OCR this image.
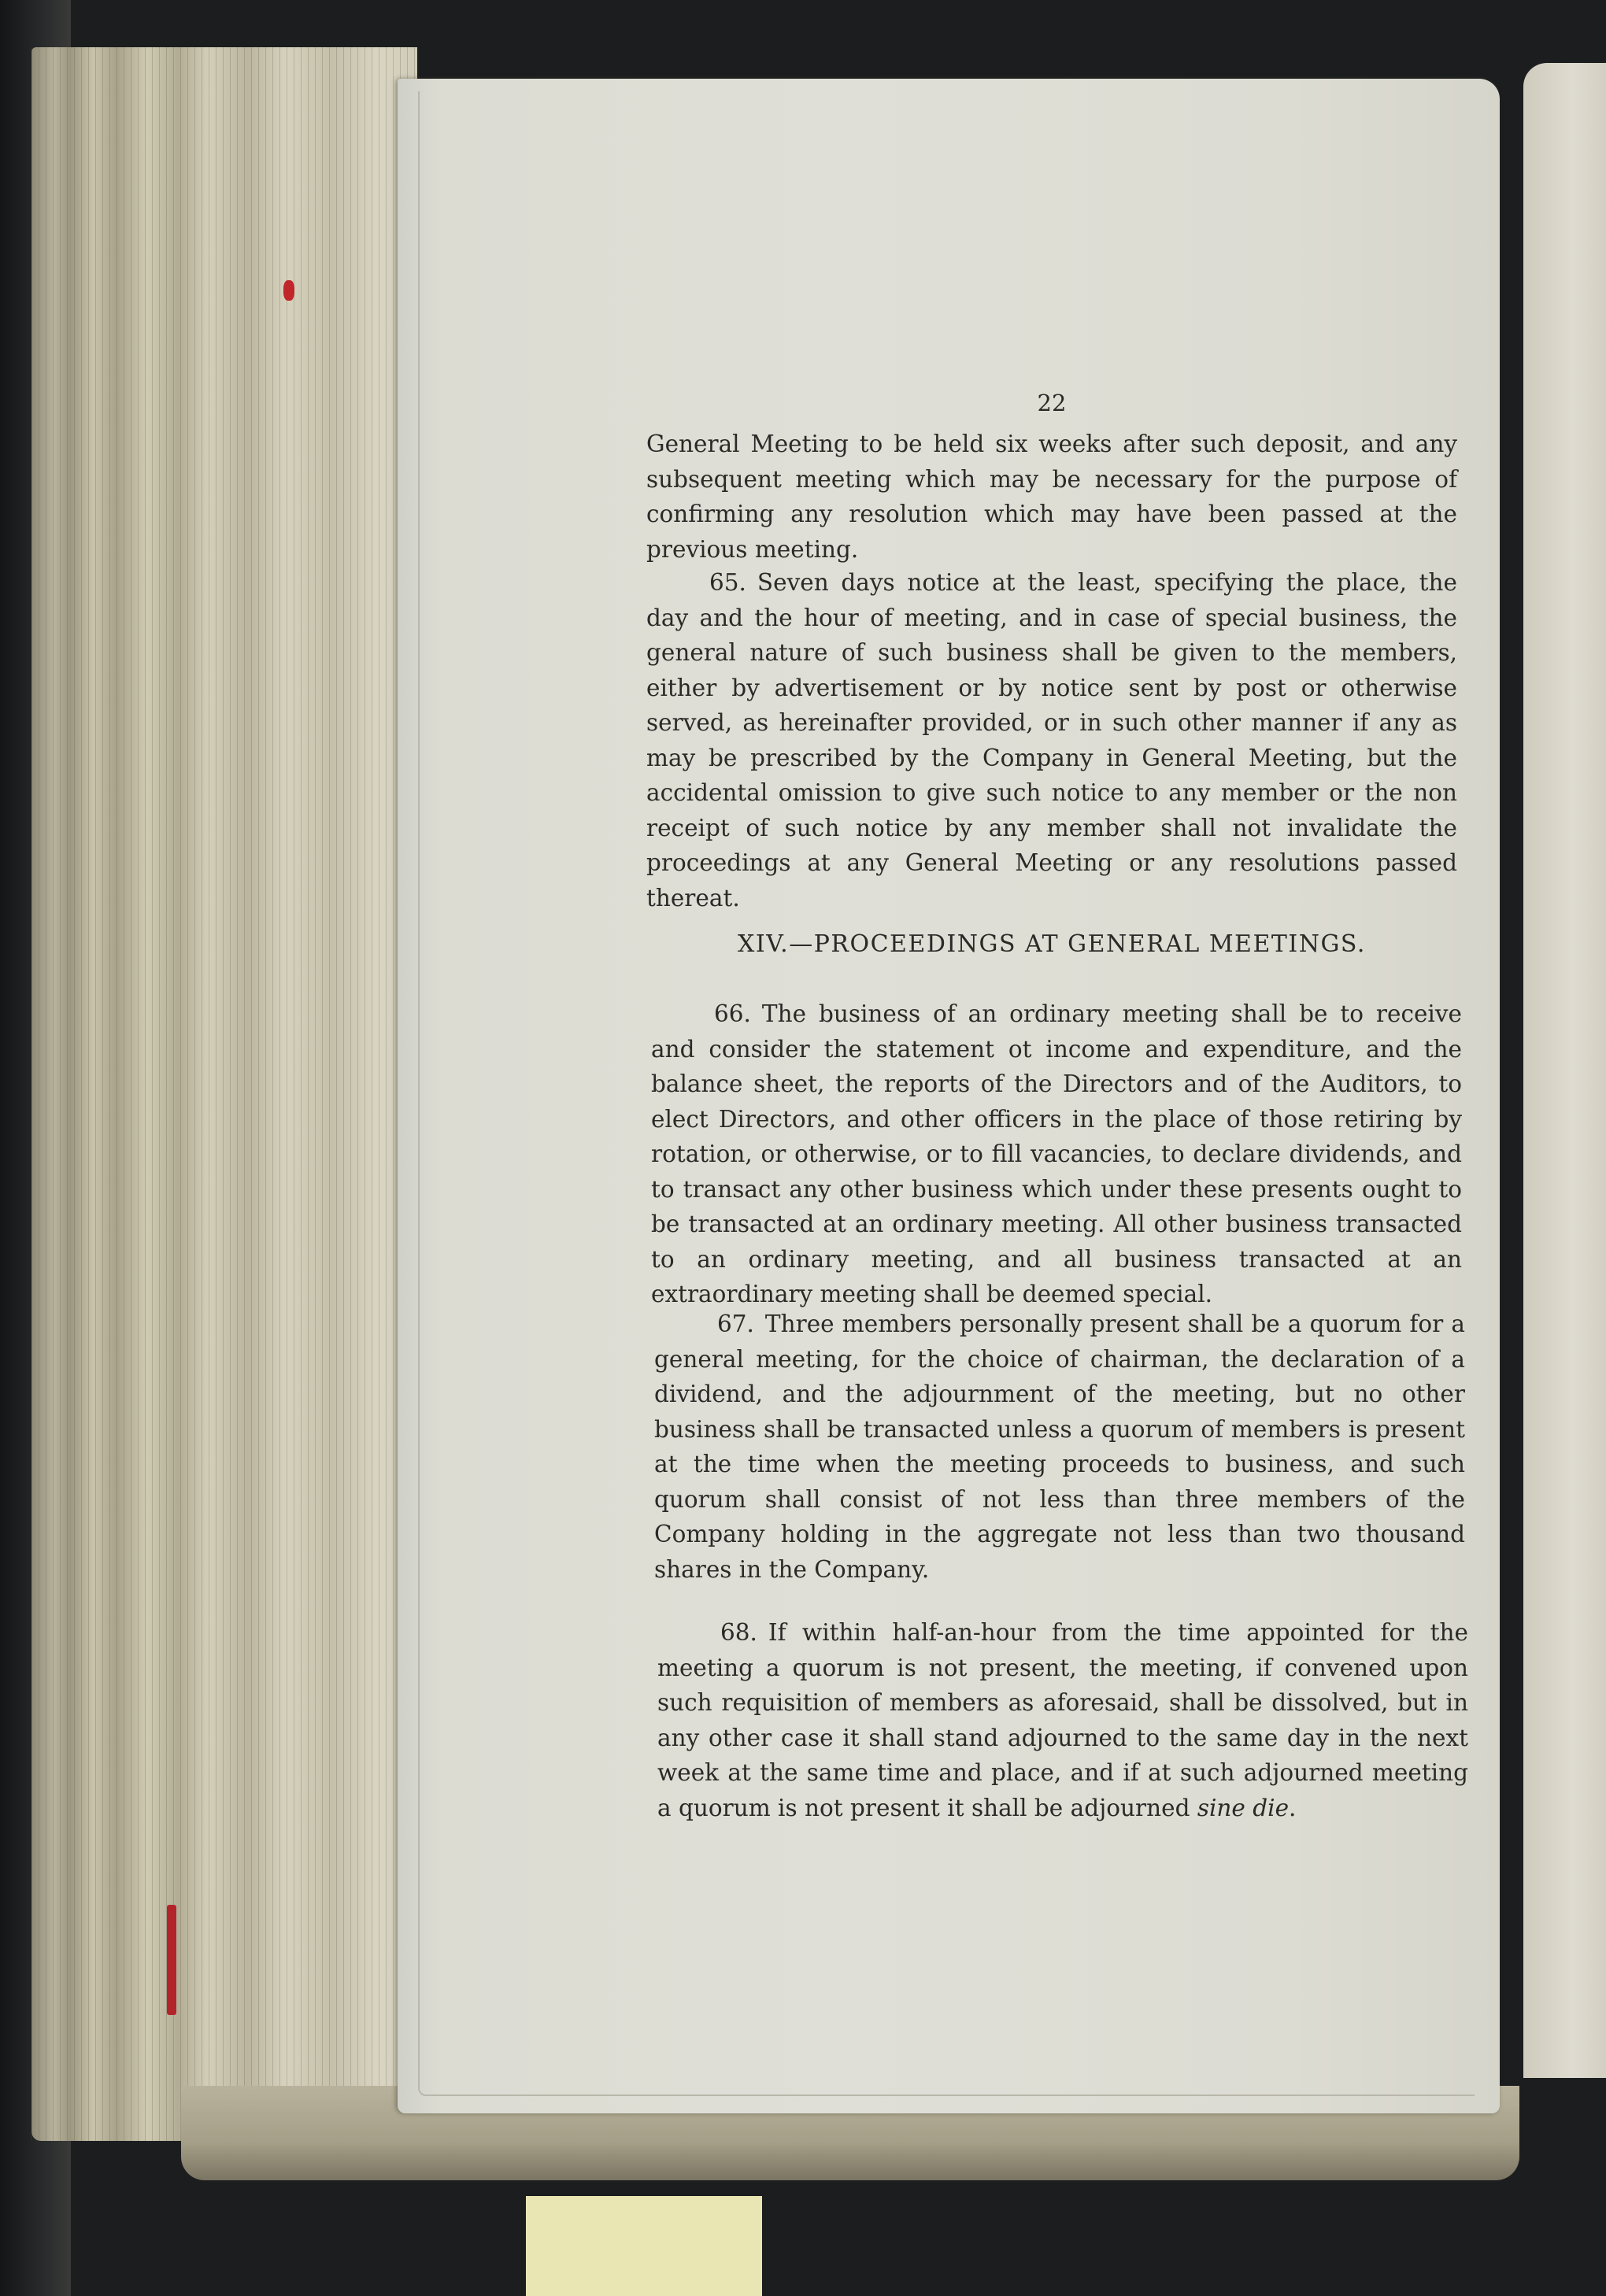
22

General Meeting to be held six weeks after such deposit, and any subsequent meeting which may be necessary for the purpose of confirming any resolution which may have been passed at the previous meeting.

65. Seven days notice at the least, specifying the place, the day and the hour of meeting, and in case of special business, the general nature of such business shall be given to the members, either by advertisement or by notice sent by post or otherwise served, as hereinafter provided, or in such other manner if any as may be prescribed by the Company in General Meeting, but the accidental omission to give such notice to any member or the non receipt of such notice by any member shall not invalidate the proceedings at any General Meeting or any resolutions passed thereat.

XIV.—PROCEEDINGS AT GENERAL MEETINGS.

66. The business of an ordinary meeting shall be to receive and consider the statement ot income and expenditure, and the balance sheet, the reports of the Directors and of the Auditors, to elect Directors, and other officers in the place of those retiring by rotation, or otherwise, or to fill vacancies, to declare dividends, and to transact any other business which under these presents ought to be transacted at an ordinary meeting. All other business transacted to an ordinary meeting, and all business transacted at an extraordinary meeting shall be deemed special.

67. Three members personally present shall be a quorum for a general meeting, for the choice of chairman, the declaration of a dividend, and the adjournment of the meeting, but no other business shall be transacted unless a quorum of members is present at the time when the meeting proceeds to business, and such quorum shall consist of not less than three members of the Company holding in the aggregate not less than two thousand shares in the Company.

68. If within half-an-hour from the time appointed for the meeting a quorum is not present, the meeting, if convened upon such requisition of members as aforesaid, shall be dissolved, but in any other case it shall stand adjourned to the same day in the next week at the same time and place, and if at such adjourned meeting a quorum is not present it shall be adjourned sine die.
